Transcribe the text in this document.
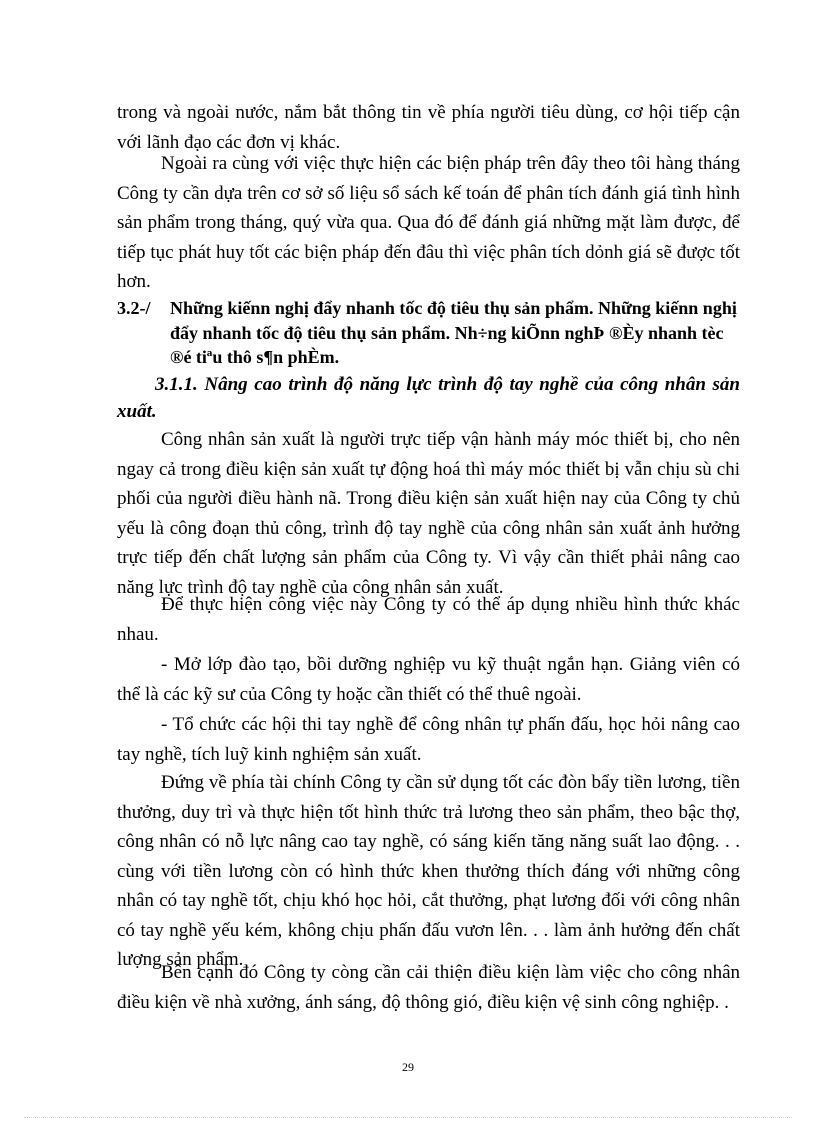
trong và ngoài nước, nắm bắt thông tin về phía người tiêu dùng, cơ hội tiếp cận với lãnh đạo các đơn vị khác.

Ngoài ra cùng với việc thực hiện các biện pháp trên đây theo tôi hàng tháng Công ty cần dựa trên cơ sở số liệu sổ sách kế toán để phân tích đánh giá tình hình sản phẩm trong tháng, quý vừa qua. Qua đó để đánh giá những mặt làm được, để tiếp tục phát huy tốt các biện pháp đến đâu thì việc phân tích dỏnh giá sẽ được tốt hơn.

3.2-/ Những kiếnn nghị đẩy nhanh tốc độ tiêu thụ sản phẩm. Những kiếnn nghị đẩy nhanh tốc độ tiêu thụ sản phẩm. Nh÷ng kiÕnn nghÞ ®Èy nhanh tèc ®é tiªu thô s¶n phÈm.
3.1.1. Nâng cao trình độ năng lực trình độ tay nghề của công nhân sản xuất.

Công nhân sản xuất là người trực tiếp vận hành máy móc thiết bị, cho nên ngay cả trong điều kiện sản xuất tự động hoá thì máy móc thiết bị vẫn chịu sù chi phối của người điều hành nã. Trong điều kiện sản xuất hiện nay của Công ty chủ yếu là công đoạn thủ công, trình độ tay nghề của công nhân sản xuất ảnh hưởng trực tiếp đến chất lượng sản phẩm của Công ty. Vì vậy cần thiết phải nâng cao năng lực trình độ tay nghề của công nhân sản xuất.

Để thực hiện công việc này Công ty có thể áp dụng nhiều hình thức khác nhau.

- Mở lớp đào tạo, bồi dưỡng nghiệp vu kỹ thuật ngắn hạn. Giảng viên có thể là các kỹ sư của Công ty hoặc cần thiết có thể thuê ngoài.

- Tổ chức các hội thi tay nghề để công nhân tự phấn đấu, học hỏi nâng cao tay nghề, tích luỹ kinh nghiệm sản xuất.

Đứng về phía tài chính Công ty cần sử dụng tốt các đòn bẩy tiền lương, tiền thưởng, duy trì và thực hiện tốt hình thức trả lương theo sản phẩm, theo bậc thợ, công nhân có nỗ lực nâng cao tay nghề, có sáng kiến tăng năng suất lao động. . . cùng với tiền lương còn có hình thức khen thưởng thích đáng với những công nhân có tay nghề tốt, chịu khó học hỏi, cắt thưởng, phạt lương đối với công nhân có tay nghề yếu kém, không chịu phấn đấu vươn lên. . . làm ảnh hưởng đến chất lượng sản phẩm.

Bên cạnh đó Công ty còng cần cải thiện điều kiện làm việc cho công nhân điều kiện về nhà xưởng, ánh sáng, độ thông gió, điều kiện vệ sinh công nghiệp. .

29
